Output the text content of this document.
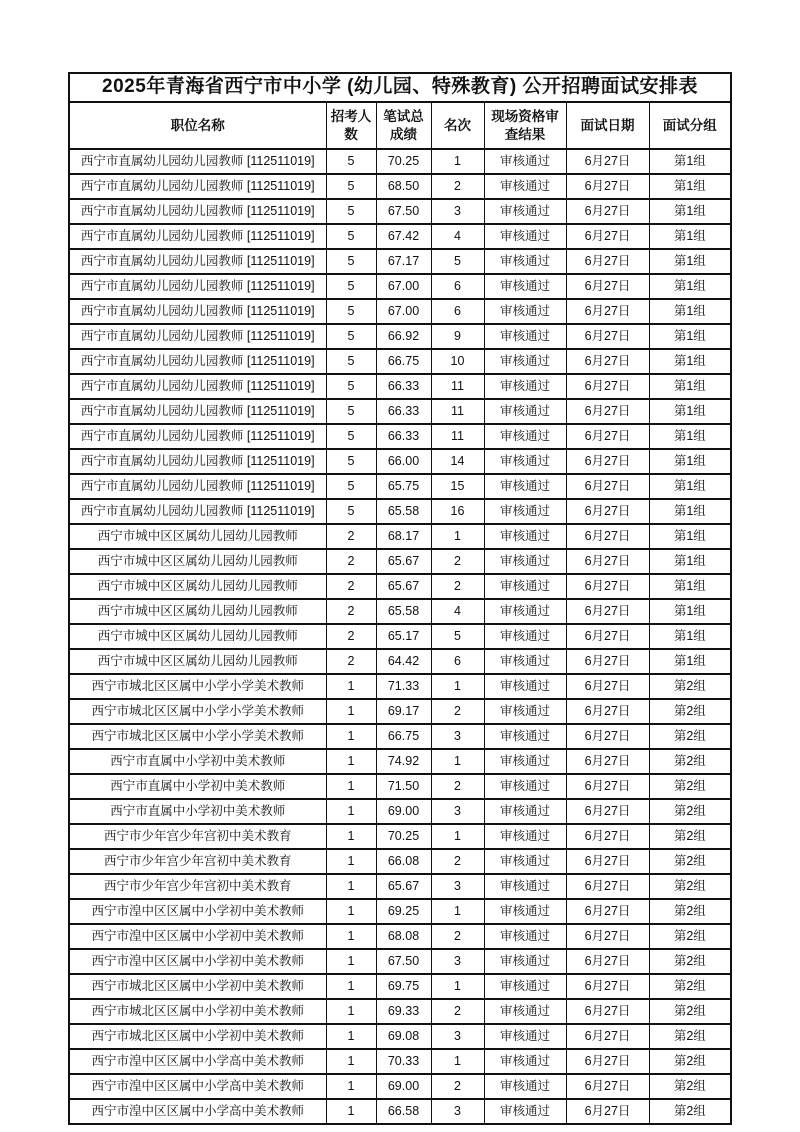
2025年青海省西宁市中小学 (幼儿园、特殊教育) 公开招聘面试安排表						
职位名称	招考人数	笔试总成绩	名次	现场资格审查结果	面试日期	面试分组
西宁市直属幼儿园幼儿园教师 [112511019]	5	70.25	1	审核通过	6月27日	第1组
西宁市直属幼儿园幼儿园教师 [112511019]	5	68.50	2	审核通过	6月27日	第1组
西宁市直属幼儿园幼儿园教师 [112511019]	5	67.50	3	审核通过	6月27日	第1组
西宁市直属幼儿园幼儿园教师 [112511019]	5	67.42	4	审核通过	6月27日	第1组
西宁市直属幼儿园幼儿园教师 [112511019]	5	67.17	5	审核通过	6月27日	第1组
西宁市直属幼儿园幼儿园教师 [112511019]	5	67.00	6	审核通过	6月27日	第1组
西宁市直属幼儿园幼儿园教师 [112511019]	5	67.00	6	审核通过	6月27日	第1组
西宁市直属幼儿园幼儿园教师 [112511019]	5	66.92	9	审核通过	6月27日	第1组
西宁市直属幼儿园幼儿园教师 [112511019]	5	66.75	10	审核通过	6月27日	第1组
西宁市直属幼儿园幼儿园教师 [112511019]	5	66.33	11	审核通过	6月27日	第1组
西宁市直属幼儿园幼儿园教师 [112511019]	5	66.33	11	审核通过	6月27日	第1组
西宁市直属幼儿园幼儿园教师 [112511019]	5	66.33	11	审核通过	6月27日	第1组
西宁市直属幼儿园幼儿园教师 [112511019]	5	66.00	14	审核通过	6月27日	第1组
西宁市直属幼儿园幼儿园教师 [112511019]	5	65.75	15	审核通过	6月27日	第1组
西宁市直属幼儿园幼儿园教师 [112511019]	5	65.58	16	审核通过	6月27日	第1组
西宁市城中区区属幼儿园幼儿园教师	2	68.17	1	审核通过	6月27日	第1组
西宁市城中区区属幼儿园幼儿园教师	2	65.67	2	审核通过	6月27日	第1组
西宁市城中区区属幼儿园幼儿园教师	2	65.67	2	审核通过	6月27日	第1组
西宁市城中区区属幼儿园幼儿园教师	2	65.58	4	审核通过	6月27日	第1组
西宁市城中区区属幼儿园幼儿园教师	2	65.17	5	审核通过	6月27日	第1组
西宁市城中区区属幼儿园幼儿园教师	2	64.42	6	审核通过	6月27日	第1组
西宁市城北区区属中小学小学美术教师	1	71.33	1	审核通过	6月27日	第2组
西宁市城北区区属中小学小学美术教师	1	69.17	2	审核通过	6月27日	第2组
西宁市城北区区属中小学小学美术教师	1	66.75	3	审核通过	6月27日	第2组
西宁市直属中小学初中美术教师	1	74.92	1	审核通过	6月27日	第2组
西宁市直属中小学初中美术教师	1	71.50	2	审核通过	6月27日	第2组
西宁市直属中小学初中美术教师	1	69.00	3	审核通过	6月27日	第2组
西宁市少年宫少年宫初中美术教育	1	70.25	1	审核通过	6月27日	第2组
西宁市少年宫少年宫初中美术教育	1	66.08	2	审核通过	6月27日	第2组
西宁市少年宫少年宫初中美术教育	1	65.67	3	审核通过	6月27日	第2组
西宁市湟中区区属中小学初中美术教师	1	69.25	1	审核通过	6月27日	第2组
西宁市湟中区区属中小学初中美术教师	1	68.08	2	审核通过	6月27日	第2组
西宁市湟中区区属中小学初中美术教师	1	67.50	3	审核通过	6月27日	第2组
西宁市城北区区属中小学初中美术教师	1	69.75	1	审核通过	6月27日	第2组
西宁市城北区区属中小学初中美术教师	1	69.33	2	审核通过	6月27日	第2组
西宁市城北区区属中小学初中美术教师	1	69.08	3	审核通过	6月27日	第2组
西宁市湟中区区属中小学高中美术教师	1	70.33	1	审核通过	6月27日	第2组
西宁市湟中区区属中小学高中美术教师	1	69.00	2	审核通过	6月27日	第2组
西宁市湟中区区属中小学高中美术教师	1	66.58	3	审核通过	6月27日	第2组
